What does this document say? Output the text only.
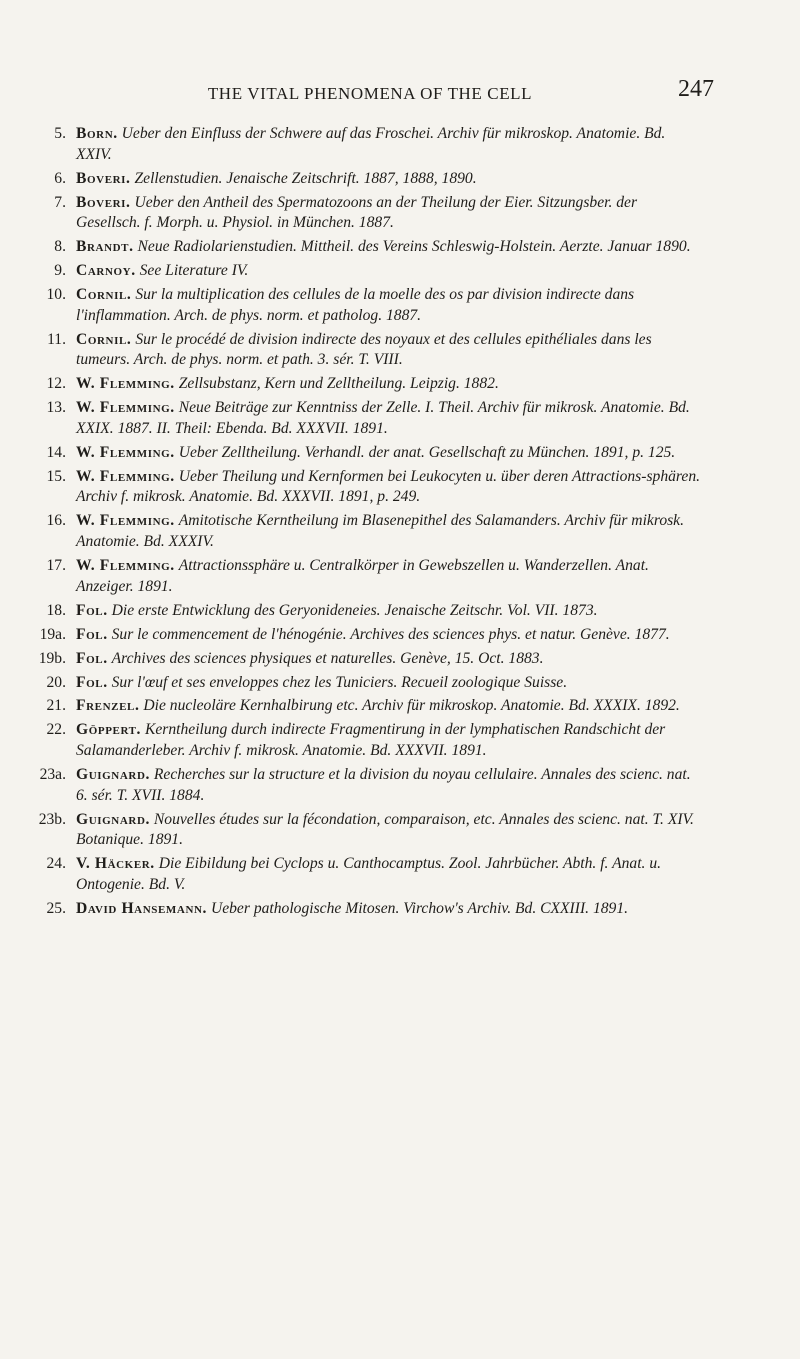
THE VITAL PHENOMENA OF THE CELL	247
5. Born. Ueber den Einfluss der Schwere auf das Froschei. Archiv für mikroskop. Anatomie. Bd. XXIV.
6. Boveri. Zellenstudien. Jenaische Zeitschrift. 1887, 1888, 1890.
7. Boveri. Ueber den Antheil des Spermatozoons an der Theilung der Eier. Sitzungsber. der Gesellsch. f. Morph. u. Physiol. in München. 1887.
8. Brandt. Neue Radiolarienstudien. Mittheil. des Vereins Schleswig-Holstein. Aerzte. Januar 1890.
9. Carnoy. See Literature IV.
10. Cornil. Sur la multiplication des cellules de la moelle des os par division indirecte dans l'inflammation. Arch. de phys. norm. et patholog. 1887.
11. Cornil. Sur le procédé de division indirecte des noyaux et des cellules epithéliales dans les tumeurs. Arch. de phys. norm. et path. 3. sér. T. VIII.
12. W. Flemming. Zellsubstanz, Kern und Zelltheilung. Leipzig. 1882.
13. W. Flemming. Neue Beiträge zur Kenntniss der Zelle. I. Theil. Archiv für mikrosk. Anatomie. Bd. XXIX. 1887. II. Theil: Ebenda. Bd. XXXVII. 1891.
14. W. Flemming. Ueber Zelltheilung. Verhandl. der anat. Gesellschaft zu München. 1891, p. 125.
15. W. Flemming. Ueber Theilung und Kernformen bei Leukocyten u. über deren Attractions-sphären. Archiv f. mikrosk. Anatomie. Bd. XXXVII. 1891, p. 249.
16. W. Flemming. Amitotische Kerntheilung im Blasenepithel des Salamanders. Archiv für mikrosk. Anatomie. Bd. XXXIV.
17. W. Flemming. Attractionssphäre u. Centralkörper in Gewebszellen u. Wanderzellen. Anat. Anzeiger. 1891.
18. Fol. Die erste Entwicklung des Geryonideneies. Jenaische Zeitschr. Vol. VII. 1873.
19a. Fol. Sur le commencement de l'hénogénie. Archives des sciences phys. et natur. Genève. 1877.
19b. Fol. Archives des sciences physiques et naturelles. Genève, 15. Oct. 1883.
20. Fol. Sur l'œuf et ses enveloppes chez les Tuniciers. Recueil zoologique Suisse.
21. Frenzel. Die nucleoläre Kernhalbirung etc. Archiv für mikroskop. Anatomie. Bd. XXXIX. 1892.
22. Göppert. Kerntheilung durch indirecte Fragmentirung in der lymphatischen Randschicht der Salamanderleber. Archiv f. mikrosk. Anatomie. Bd. XXXVII. 1891.
23a. Guignard. Recherches sur la structure et la division du noyau cellulaire. Annales des scienc. nat. 6. sér. T. XVII. 1884.
23b. Guignard. Nouvelles études sur la fécondation, comparaison, etc. Annales des scienc. nat. T. XIV. Botanique. 1891.
24. V. Häcker. Die Eibildung bei Cyclops u. Canthocamptus. Zool. Jahrbücher. Abth. f. Anat. u. Ontogenie. Bd. V.
25. David Hansemann. Ueber pathologische Mitosen. Virchow's Archiv. Bd. CXXIII. 1891.
